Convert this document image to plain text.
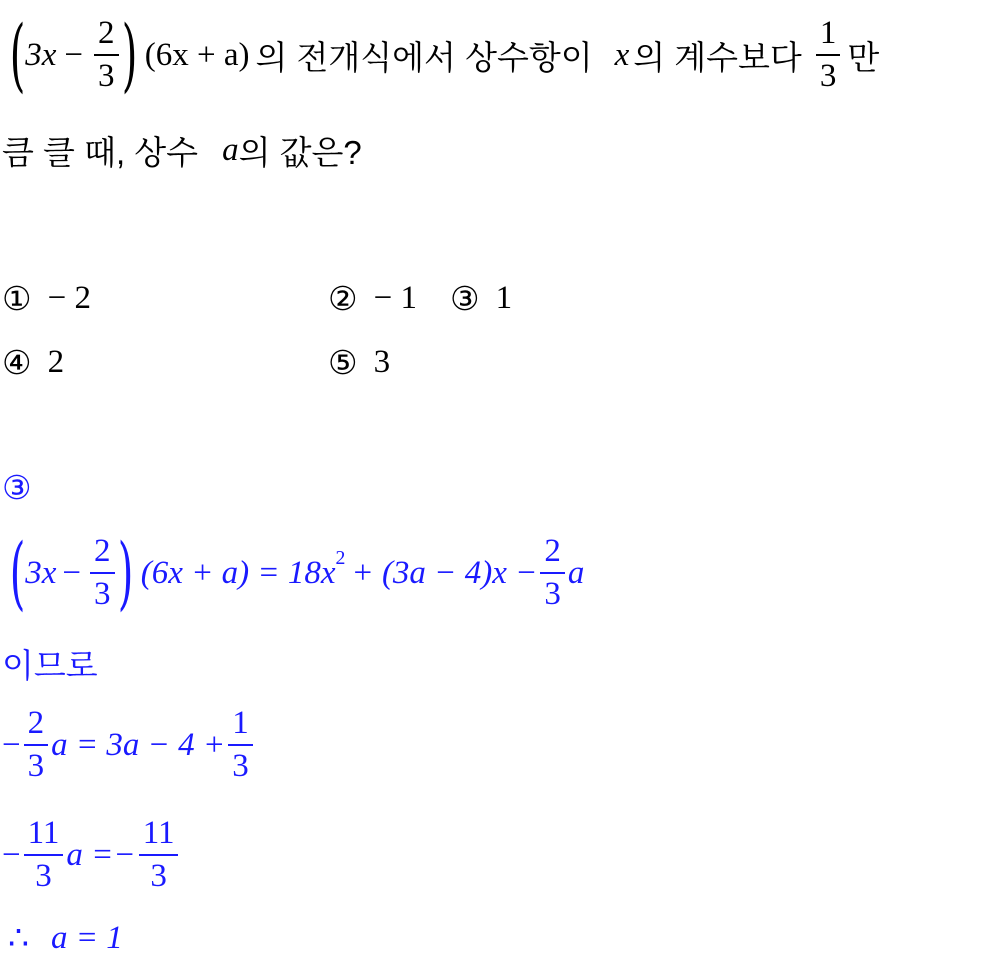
( $3x - \frac{2}{3}$ ) (6x + a) 의 전개식에서 상수항이 x 의 계수보다 $\frac{1}{3}$ 만
큼 클 때, 상수 a 의 값은?
① − 2	② − 1 ③ 1
④ 2	⑤ 3
③
( $3x - \frac{2}{3}$ ) (6x + a) = 18x $2 + (3a - 4)x - \frac{2}{3}$ a
이므로
− $\frac{2}{3}$ $a = 3a - 4 + \frac{1}{3}$
− $\frac{11}{3}$ $a =- \frac{11}{3}$
∴ a = 1
